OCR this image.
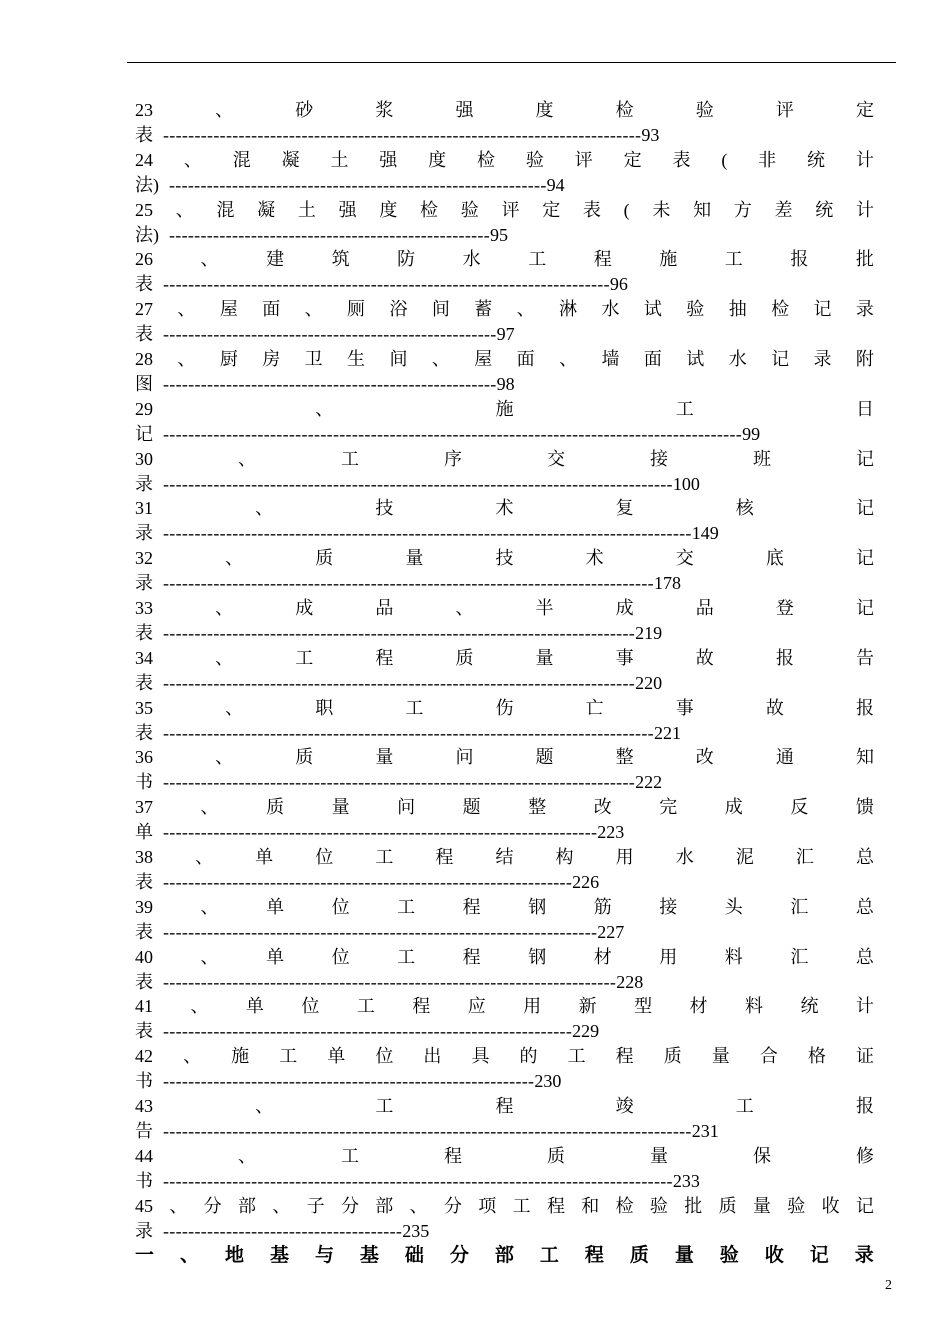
23	、	砂	浆	强	度	检	验	评	定
表 ----------------------------------------------------------------------------93
24 、 混 凝 土 强 度 检 验 评 定 表 ( 非 统 计
法) ------------------------------------------------------------94
25 、 混 凝 土 强 度 检 验 评 定 表 ( 未 知 方 差 统 计
法) ---------------------------------------------------95
26	、	建	筑	防	水	工	程	施	工	报	批
表 -----------------------------------------------------------------------96
27 、 屋 面 、 厕 浴 间 蓄 、 淋 水 试 验 抽 检 记 录
表 -----------------------------------------------------97
28 、 厨 房 卫 生 间 、 屋 面 、 墙 面 试 水 记 录 附
图 -----------------------------------------------------98
29	、	施	工	日
记 --------------------------------------------------------------------------------------------99
30	、	工	序	交	接	班	记
录 ---------------------------------------------------------------------------------100
31	、	技	术	复	核	记
录 ------------------------------------------------------------------------------------149
32	、	质	量	技	术	交	底	记
录 ------------------------------------------------------------------------------178
33	、	成	品	、	半	成	品	登	记
表 ---------------------------------------------------------------------------219
34	、	工	程	质	量	事	故	报	告
表 ---------------------------------------------------------------------------220
35	、	职	工	伤	亡	事	故	报
表 ------------------------------------------------------------------------------221
36	、	质	量	问	题	整	改	通	知
书 ---------------------------------------------------------------------------222
37	、	质	量	问	题	整	改	完	成	反	馈
单 ---------------------------------------------------------------------223
38 、 单 位 工 程 结 构 用 水 泥 汇 总
表 -----------------------------------------------------------------226
39	、	单	位	工	程	钢	筋	接	头	汇	总
表 ---------------------------------------------------------------------227
40	、	单	位	工	程	钢	材	用	料	汇	总
表 ------------------------------------------------------------------------228
41 、 单 位 工 程 应 用 新 型 材 料 统 计
表 -----------------------------------------------------------------229
42 、 施 工 单 位 出 具 的 工 程 质 量 合 格 证
书 -----------------------------------------------------------230
43	、	工	程	竣	工	报
告 ------------------------------------------------------------------------------------231
44	、	工	程	质	量	保	修
书 ---------------------------------------------------------------------------------233
45 、 分 部 、 子 分 部 、 分 项 工 程 和 检 验 批 质 量 验 收 记
录 --------------------------------------235
一 、 地 基 与 基 础 分 部 工 程 质 量 验 收 记 录
2
